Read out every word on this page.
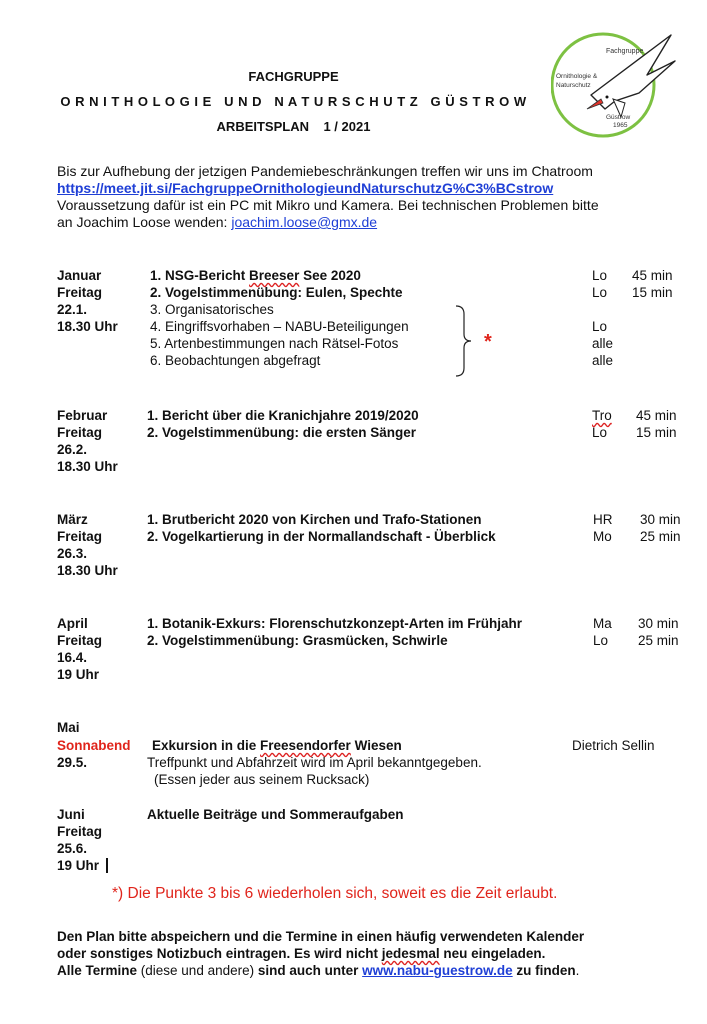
FACHGRUPPE
O R N I T H O L O G I E   U N D   N A T U R S C H U T Z   G Ü S T R O W
ARBEITSPLAN    1 / 2021
Fachgruppe
Ornithologie &
Naturschutz
Güstrow
1965
Bis zur Aufhebung der jetzigen Pandemiebeschränkungen treffen wir uns im Chatroom
https://meet.jit.si/FachgruppeOrnithologieundNaturschutzG%C3%BCstrow
Voraussetzung dafür ist ein PC mit Mikro und Kamera. Bei technischen Problemen bitte
an Joachim Loose wenden: joachim.loose@gmx.de
Januar
Freitag
22.1.
18.30 Uhr
1. NSG-Bericht Breeser See 2020
2. Vogelstimmenübung: Eulen, Spechte
3. Organisatorisches
4. Eingriffsvorhaben – NABU-Beteiligungen
5. Artenbestimmungen nach Rätsel-Fotos
6. Beobachtungen abgefragt
*
Lo
Lo
Lo
alle
alle
45 min
15 min
Februar
Freitag
26.2.
18.30 Uhr
1. Bericht über die Kranichjahre 2019/2020
2. Vogelstimmenübung: die ersten Sänger
Tro
Lo
45 min
15 min
März
Freitag
26.3.
18.30 Uhr
1. Brutbericht 2020 von Kirchen und Trafo-Stationen
2. Vogelkartierung in der Normallandschaft - Überblick
HR
Mo
30 min
25 min
April
Freitag
16.4.
19 Uhr
1. Botanik-Exkurs: Florenschutzkonzept-Arten im Frühjahr
2. Vogelstimmenübung: Grasmücken, Schwirle
Ma
Lo
30 min
25 min
Mai
Sonnabend
29.5.
Exkursion in die Freesendorfer Wiesen
Treffpunkt und Abfahrzeit wird im April bekanntgegeben.
(Essen jeder aus seinem Rucksack)
Dietrich Sellin
Juni
Freitag
25.6.
19 Uhr
Aktuelle Beiträge und Sommeraufgaben
*) Die Punkte 3 bis 6 wiederholen sich, soweit es die Zeit erlaubt.
Den Plan bitte abspeichern und die Termine in einen häufig verwendeten Kalender
oder sonstiges Notizbuch eintragen. Es wird nicht jedesmal neu eingeladen.
Alle Termine (diese und andere) sind auch unter www.nabu-guestrow.de zu finden.
